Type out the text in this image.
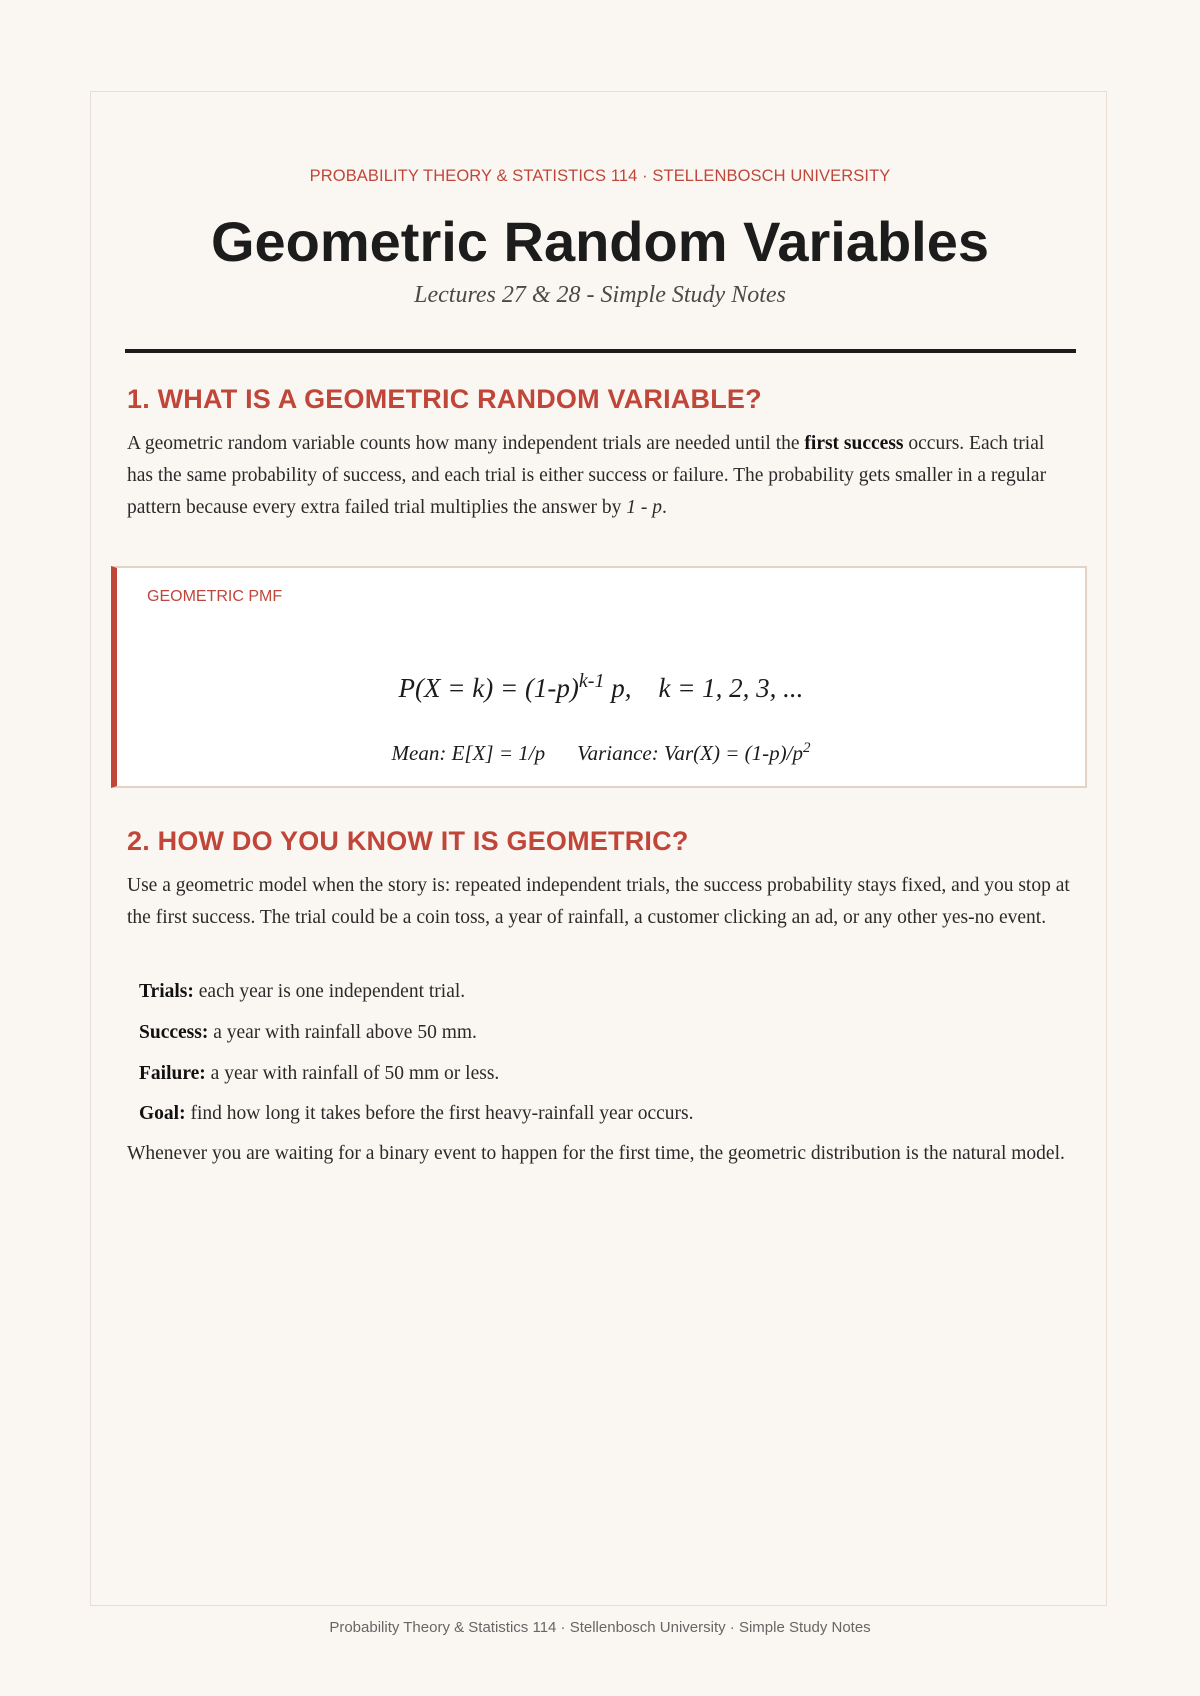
PROBABILITY THEORY & STATISTICS 114 · STELLENBOSCH UNIVERSITY
Geometric Random Variables
Lectures 27 & 28 - Simple Study Notes
1. WHAT IS A GEOMETRIC RANDOM VARIABLE?
A geometric random variable counts how many independent trials are needed until the first success occurs. Each trial has the same probability of success, and each trial is either success or failure. The probability gets smaller in a regular pattern because every extra failed trial multiplies the answer by 1 - p.
GEOMETRIC PMF
$P(X = k) = (1-p)^{k-1}$ p,    k = 1, 2, 3, ...
Mean: E[X] = 1/p Variance: $Var(X) = (1-p)/p^2$
2. HOW DO YOU KNOW IT IS GEOMETRIC?
Use a geometric model when the story is: repeated independent trials, the success probability stays fixed, and you stop at the first success. The trial could be a coin toss, a year of rainfall, a customer clicking an ad, or any other yes-no event.
Trials: each year is one independent trial.
Success: a year with rainfall above 50 mm.
Failure: a year with rainfall of 50 mm or less.
Goal: find how long it takes before the first heavy-rainfall year occurs.
Whenever you are waiting for a binary event to happen for the first time, the geometric distribution is the natural model.
Probability Theory & Statistics 114 · Stellenbosch University · Simple Study Notes
